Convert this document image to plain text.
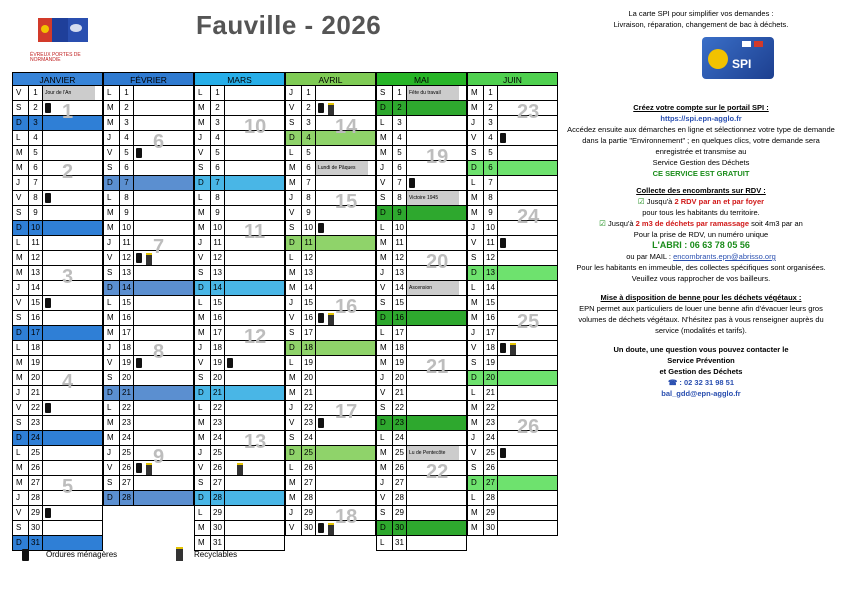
ÉVREUX PORTES DE NORMANDIE
Fauville - 2026
JANVIER
V	1	Jour de l'An
S	2
D	3
L	4
M	5
M	6
J	7
V	8
S	9
D	10
L	11
M	12
M	13
J	14
V	15
S	16
D	17
L	18
M	19
M	20
J	21
V	22
S	23
D	24
L	25
M	26
M	27
J	28
V	29
S	30
D	31
FÉVRIER
L	1
M	2
M	3
J	4
V	5
S	6
D	7
L	8
M	9
M	10
J	11
V	12
S	13
D	14
L	15
M	16
M	17
J	18
V	19
S	20
D	21
L	22
M	23
M	24
J	25
V	26
S	27
D	28
MARS
L	1
M	2
M	3
J	4
V	5
S	6
D	7
L	8
M	9
M	10
J	11
V	12
S	13
D	14
L	15
M	16
M	17
J	18
V	19
S	20
D	21
L	22
M	23
M	24
J	25
V	26
S	27
D	28
L	29
M	30
M	31
AVRIL
J	1
V	2
S	3
D	4
L	5
M	6	Lundi de Pâques
M	7
J	8
V	9
S	10
D	11
L	12
M	13
M	14
J	15
V	16
S	17
D	18
L	19
M	20
M	21
J	22
V	23
S	24
D	25
L	26
M	27
M	28
J	29
V	30
MAI
S	1	Fête du travail
D	2
L	3
M	4
M	5
J	6
V	7
S	8	Victoire 1945
D	9
L	10
M	11
M	12
J	13
V	14	Ascension
S	15
D	16
L	17
M	18
M	19
J	20
V	21
S	22
D	23
L	24
M	25	Lu de Pentecôte
M	26
J	27
V	28
S	29
D	30
L	31
JUIN
M	1
M	2
J	3
V	4
S	5
D	6
L	7
M	8
M	9
J	10
V	11
S	12
D	13
L	14
M	15
M	16
J	17
V	18
S	19
D	20
L	21
M	22
M	23
J	24
V	25
S	26
D	27
L	28
M	29
M	30
1
2
3
4
5
6
7
8
9
10
11
12
13
14
15
16
17
18
19
20
21
22
23
24
25
26

La carte SPI pour simplifier vos demandes :

Livraison, réparation, changement de bac à déchets.

Créez votre compte sur le portail SPI :

https://spi.epn-agglo.fr

Accédez ensuite aux démarches en ligne et sélectionnez votre type de demande dans la partie "Environnement" ; en quelques clics, votre demande sera enregistrée et transmise au

Service Gestion des Déchets

CE SERVICE EST GRATUIT

Collecte des encombrants sur RDV :

☑ Jusqu'à 2 RDV par an et par foyer

pour tous les habitants du territoire.

☑ Jusqu'à 2 m3 de déchets par ramassage soit 4m3 par an

Pour la prise de RDV, un numéro unique

L'ABRI : 06 63 78 05 56

ou par MAIL : encombrants.epn@abrisso.org

Pour les habitants en immeuble, des collectes spécifiques sont organisées.

Veuillez vous rapprocher de vos bailleurs.

Mise à disposition de benne pour les déchets végétaux :

EPN permet aux particuliers de louer une benne afin d'évacuer leurs gros volumes de déchets végétaux. N'hésitez pas à vous renseigner auprès du service (modalités et tarifs).

Un doute, une question vous pouvez contacter le

Service Prévention

et Gestion des Déchets

☎ : 02 32 31 98 51

bal_gdd@epn-agglo.fr

SPI
Ordures ménagères	Recyclables
